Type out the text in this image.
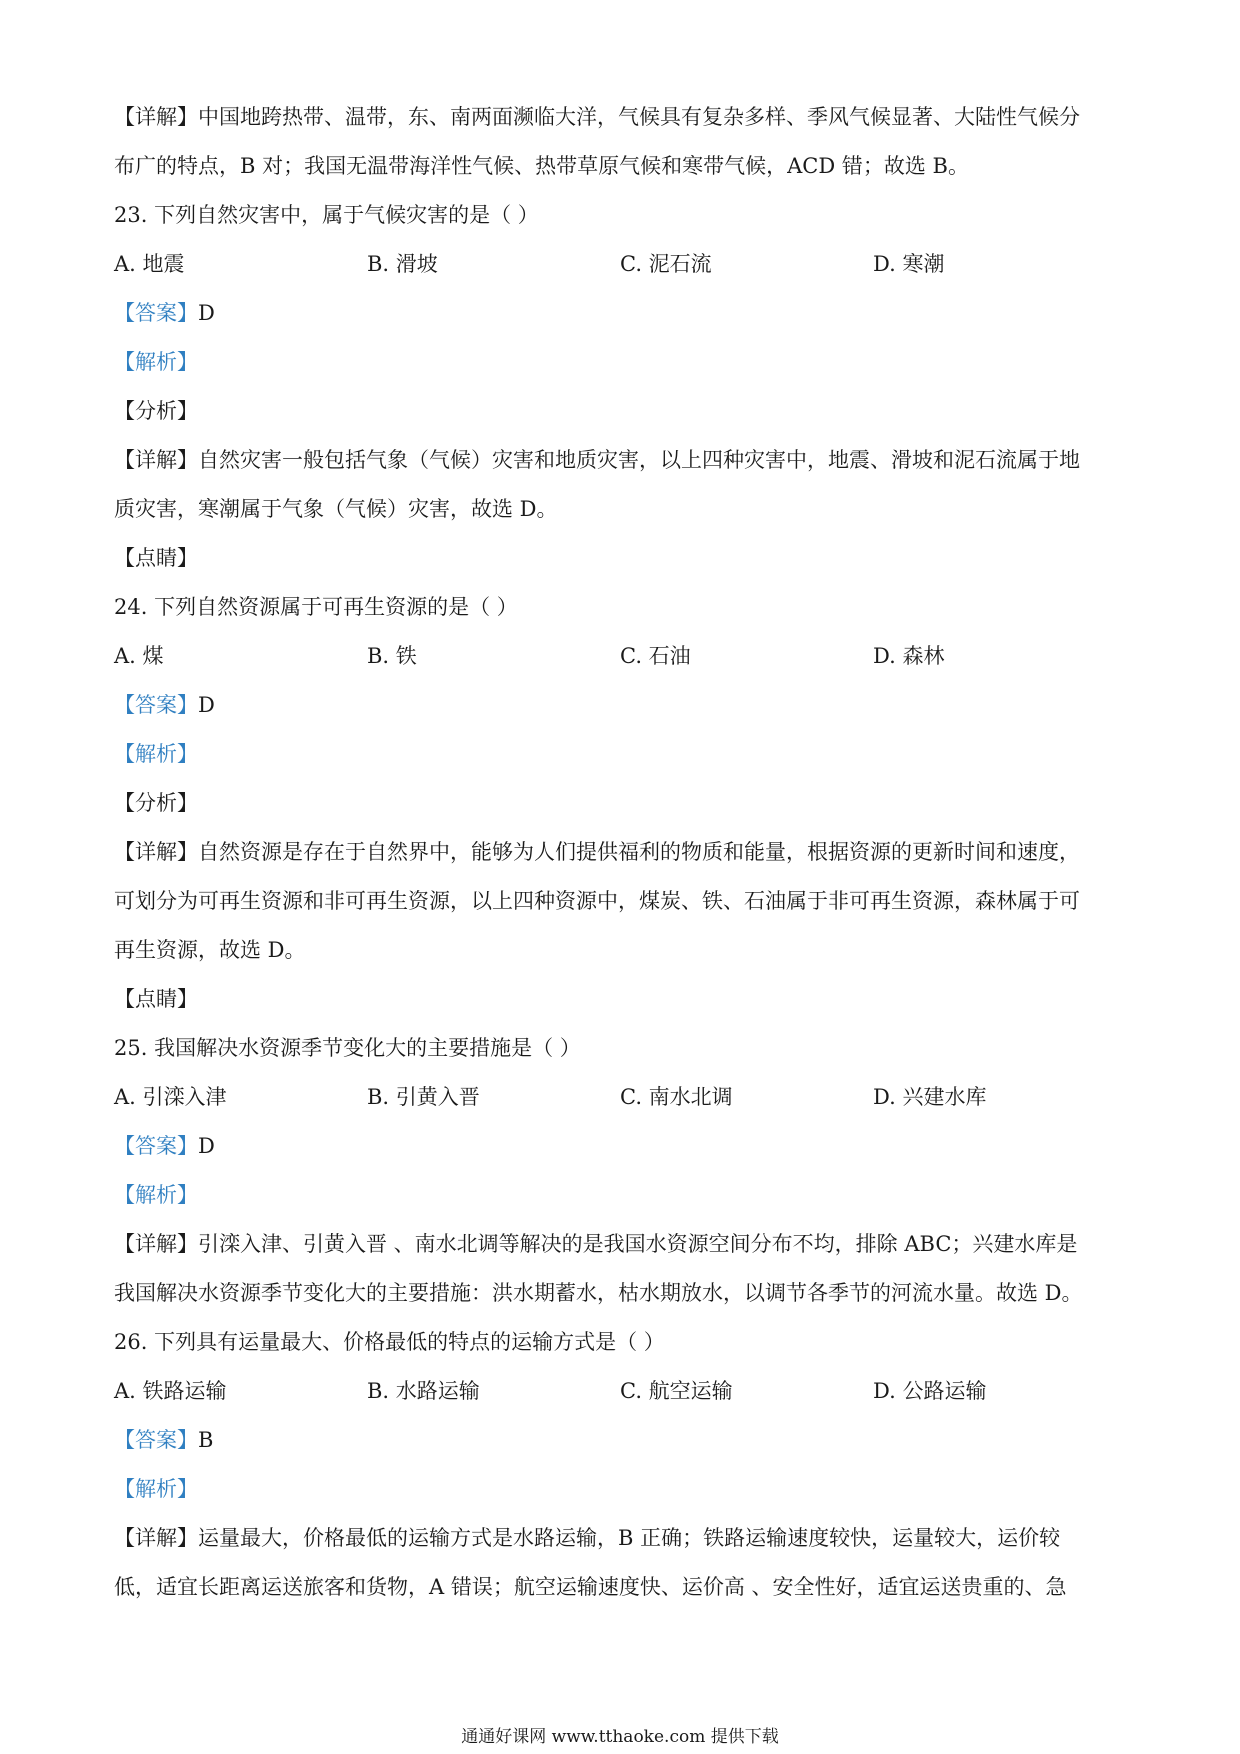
【详解】中国地跨热带、温带，东、南两面濒临大洋，气候具有复杂多样、季风气候显著、大陆性气候分
布广的特点，B 对；我国无温带海洋性气候、热带草原气候和寒带气候，ACD 错；故选 B。
23. 下列自然灾害中，属于气候灾害的是（ ）
A. 地震	B. 滑坡	C. 泥石流	D. 寒潮
【答案】D
【解析】
【分析】
【详解】自然灾害一般包括气象（气候）灾害和地质灾害，以上四种灾害中，地震、滑坡和泥石流属于地
质灾害，寒潮属于气象（气候）灾害，故选 D。
【点睛】
24. 下列自然资源属于可再生资源的是（ ）
A. 煤	B. 铁	C. 石油	D. 森林
【答案】D
【解析】
【分析】
【详解】自然资源是存在于自然界中，能够为人们提供福利的物质和能量，根据资源的更新时间和速度，
可划分为可再生资源和非可再生资源，以上四种资源中，煤炭、铁、石油属于非可再生资源，森林属于可
再生资源，故选 D。
【点睛】
25. 我国解决水资源季节变化大的主要措施是（ ）
A. 引滦入津	B. 引黄入晋	C. 南水北调	D. 兴建水库
【答案】D
【解析】
【详解】引滦入津、引黄入晋 、南水北调等解决的是我国水资源空间分布不均，排除 ABC；兴建水库是
我国解决水资源季节变化大的主要措施：洪水期蓄水，枯水期放水，以调节各季节的河流水量。故选 D。
26. 下列具有运量最大、价格最低的特点的运输方式是（ ）
A. 铁路运输	B. 水路运输	C. 航空运输	D. 公路运输
【答案】B
【解析】
【详解】运量最大，价格最低的运输方式是水路运输，B 正确；铁路运输速度较快，运量较大，运价较
低，适宜长距离运送旅客和货物，A 错误；航空运输速度快、运价高 、安全性好，适宜运送贵重的、急
通通好课网 www.tthaoke.com 提供下载
